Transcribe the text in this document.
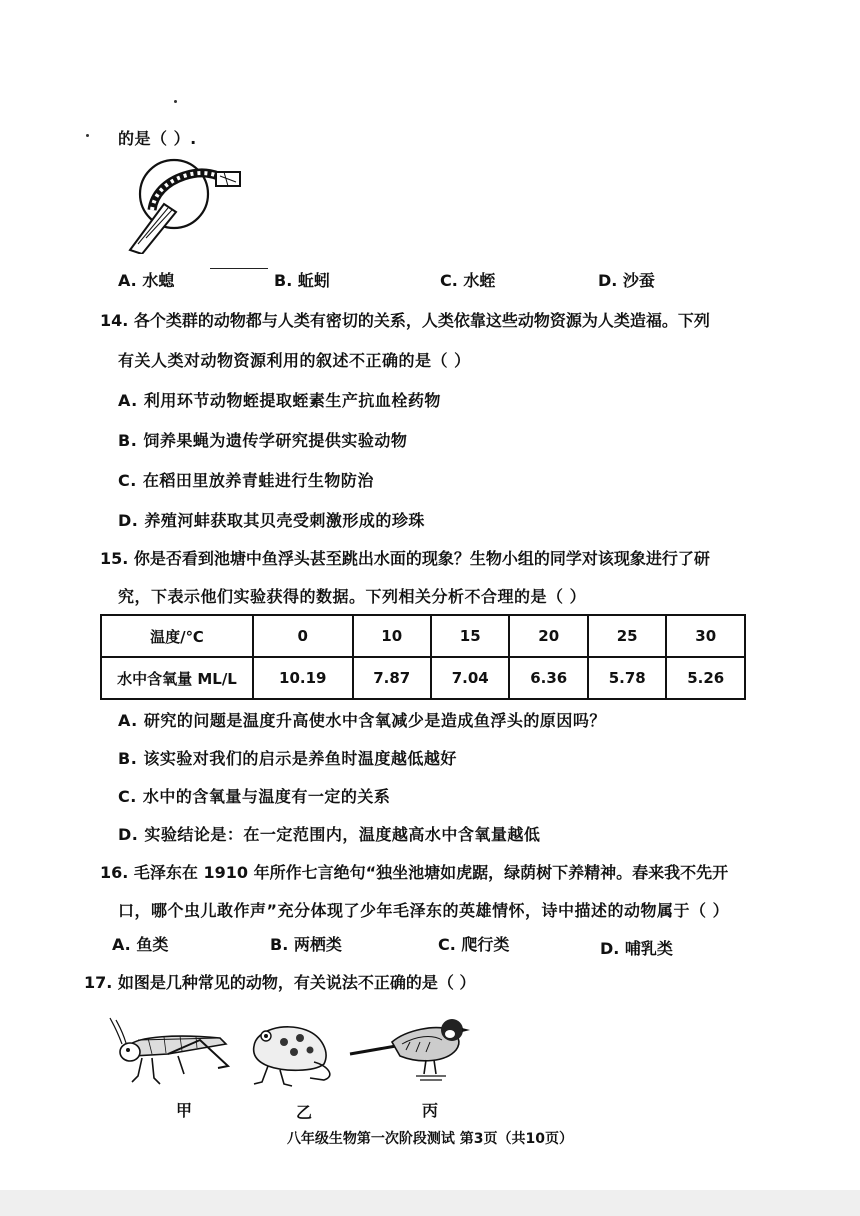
的是（ ）.
A. 水螅	B. 蚯蚓	C. 水蛭	D. 沙蚕
14. 各个类群的动物都与人类有密切的关系，人类依靠这些动物资源为人类造福。下列
有关人类对动物资源利用的叙述不正确的是（ ）
A. 利用环节动物蛭提取蛭素生产抗血栓药物
B. 饲养果蝇为遗传学研究提供实验动物
C. 在稻田里放养青蛙进行生物防治
D. 养殖河蚌获取其贝壳受刺激形成的珍珠
15. 你是否看到池塘中鱼浮头甚至跳出水面的现象？生物小组的同学对该现象进行了研
究，下表示他们实验获得的数据。下列相关分析不合理的是（ ）
温度/℃	0	10	15	20	25	30
水中含氧量 ML/L	10.19	7.87	7.04	6.36	5.78	5.26
A. 研究的问题是温度升高使水中含氧减少是造成鱼浮头的原因吗？
B. 该实验对我们的启示是养鱼时温度越低越好
C. 水中的含氧量与温度有一定的关系
D. 实验结论是：在一定范围内，温度越高水中含氧量越低
16. 毛泽东在 1910 年所作七言绝句“独坐池塘如虎踞，绿荫树下养精神。春来我不先开
口，哪个虫儿敢作声”充分体现了少年毛泽东的英雄情怀，诗中描述的动物属于（ ）
A. 鱼类	B. 两栖类	C. 爬行类	D. 哺乳类
17. 如图是几种常见的动物，有关说法不正确的是（ ）
甲	乙	丙
八年级生物第一次阶段测试 第3页（共10页）
